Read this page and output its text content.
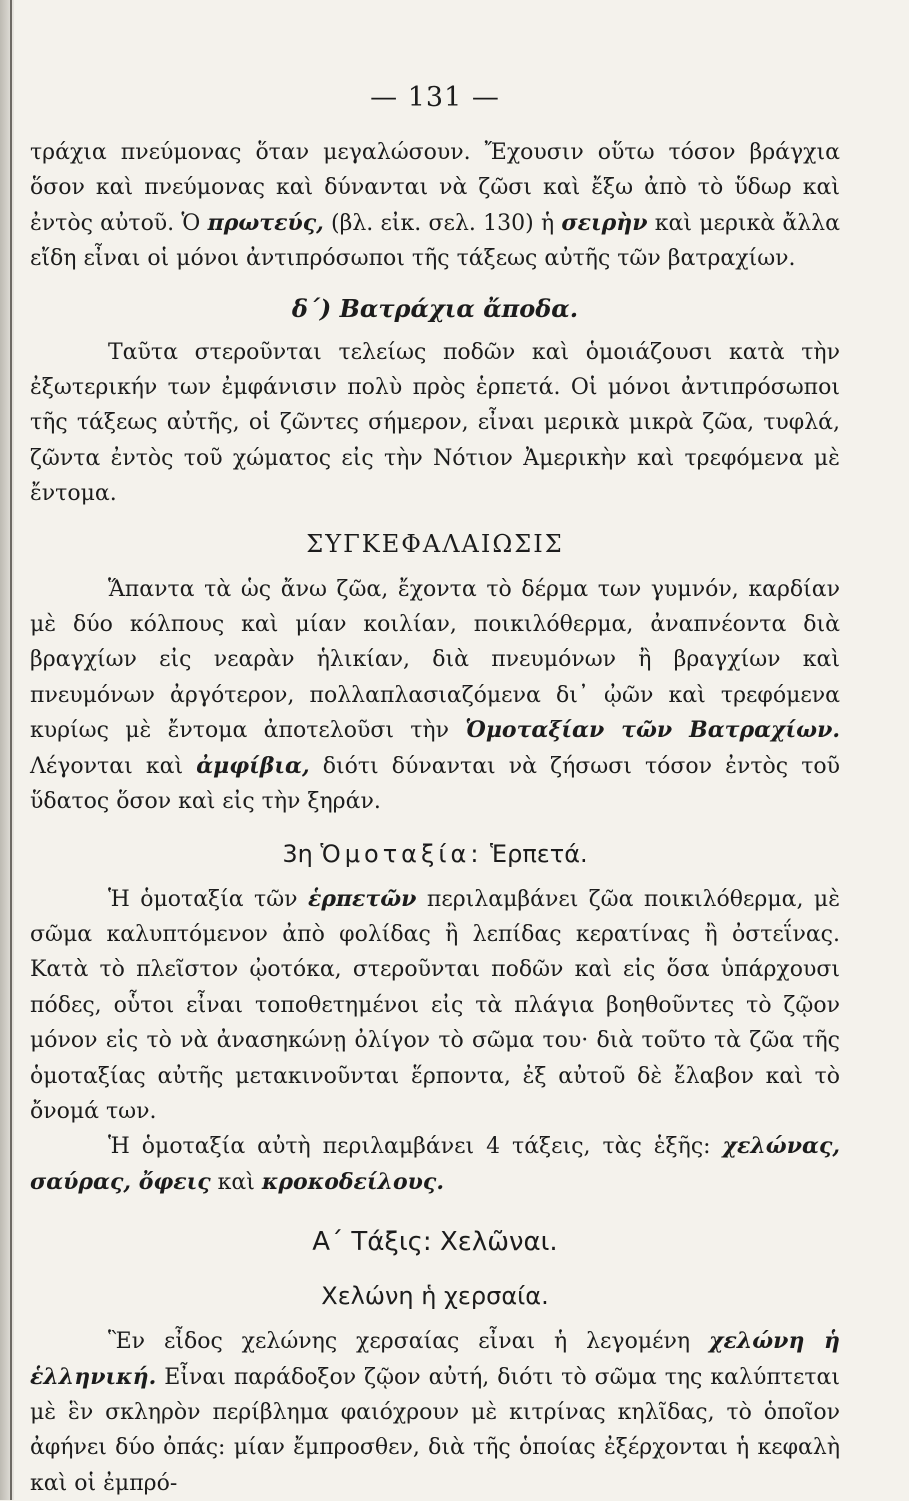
— 131 —

τράχια πνεύμονας ὅταν μεγαλώσουν. Ἔχουσιν οὕτω τόσον βράγχια ὅσον καὶ πνεύμονας καὶ δύνανται νὰ ζῶσι καὶ ἔξω ἀπὸ τὸ ὕδωρ καὶ ἐντὸς αὐτοῦ. Ὁ πρωτεύς, (βλ. εἰκ. σελ. 130) ἡ σειρὴν καὶ μερικὰ ἄλλα εἴδη εἶναι οἱ μόνοι ἀντιπρόσωποι τῆς τάξεως αὐτῆς τῶν βατραχίων.

δ΄) Βατράχια ἄποδα.

Ταῦτα στεροῦνται τελείως ποδῶν καὶ ὁμοιάζουσι κατὰ τὴν ἐξωτερικήν των ἐμφάνισιν πολὺ πρὸς ἑρπετά. Οἱ μόνοι ἀντιπρόσωποι τῆς τάξεως αὐτῆς, οἱ ζῶντες σήμερον, εἶναι μερικὰ μικρὰ ζῶα, τυφλά, ζῶντα ἐντὸς τοῦ χώματος εἰς τὴν Νότιον Ἀμερικὴν καὶ τρεφόμενα μὲ ἔντομα.

ΣΥΓΚΕΦΑΛΑΙΩΣΙΣ

Ἅπαντα τὰ ὡς ἄνω ζῶα, ἔχοντα τὸ δέρμα των γυμνόν, καρδίαν μὲ δύο κόλπους καὶ μίαν κοιλίαν, ποικιλόθερμα, ἀναπνέοντα διὰ βραγχίων εἰς νεαρὰν ἡλικίαν, διὰ πνευμόνων ἢ βραγχίων καὶ πνευμόνων ἀργότερον, πολλαπλασιαζόμενα δι᾽ ᾠῶν καὶ τρεφόμενα κυρίως μὲ ἔντομα ἀποτελοῦσι τὴν Ὁμοταξίαν τῶν Βατραχίων. Λέγονται καὶ ἀμφίβια, διότι δύνανται νὰ ζήσωσι τόσον ἐντὸς τοῦ ὕδατος ὅσον καὶ εἰς τὴν ξηράν.

3η Ὁμοταξία: Ἑρπετά.

Ἡ ὁμοταξία τῶν ἑρπετῶν περιλαμβάνει ζῶα ποικιλόθερμα, μὲ σῶμα καλυπτόμενον ἀπὸ φολίδας ἢ λεπίδας κερατίνας ἢ ὀστεΐνας. Κατὰ τὸ πλεῖστον ᾠοτόκα, στεροῦνται ποδῶν καὶ εἰς ὅσα ὑπάρχουσι πόδες, οὗτοι εἶναι τοποθετημένοι εἰς τὰ πλάγια βοηθοῦντες τὸ ζῷον μόνον εἰς τὸ νὰ ἀνασηκώνῃ ὀλίγον τὸ σῶμα του· διὰ τοῦτο τὰ ζῶα τῆς ὁμοταξίας αὐτῆς μετακινοῦνται ἕρποντα, ἐξ αὐτοῦ δὲ ἔλαβον καὶ τὸ ὄνομά των.

Ἡ ὁμοταξία αὐτὴ περιλαμβάνει 4 τάξεις, τὰς ἑξῆς: χελώνας, σαύρας, ὄφεις καὶ κροκοδείλους.

Α΄ Τάξις: Χελῶναι.
Χελώνη ἡ χερσαία.

Ἓν εἶδος χελώνης χερσαίας εἶναι ἡ λεγομένη χελώνη ἡ ἑλληνική. Εἶναι παράδοξον ζῷον αὐτή, διότι τὸ σῶμα της καλύπτεται μὲ ἓν σκληρὸν περίβλημα φαιόχρουν μὲ κιτρίνας κηλῖδας, τὸ ὁποῖον ἀφήνει δύο ὀπάς: μίαν ἔμπροσθεν, διὰ τῆς ὁποίας ἐξέρχονται ἡ κεφαλὴ καὶ οἱ ἐμπρό-
